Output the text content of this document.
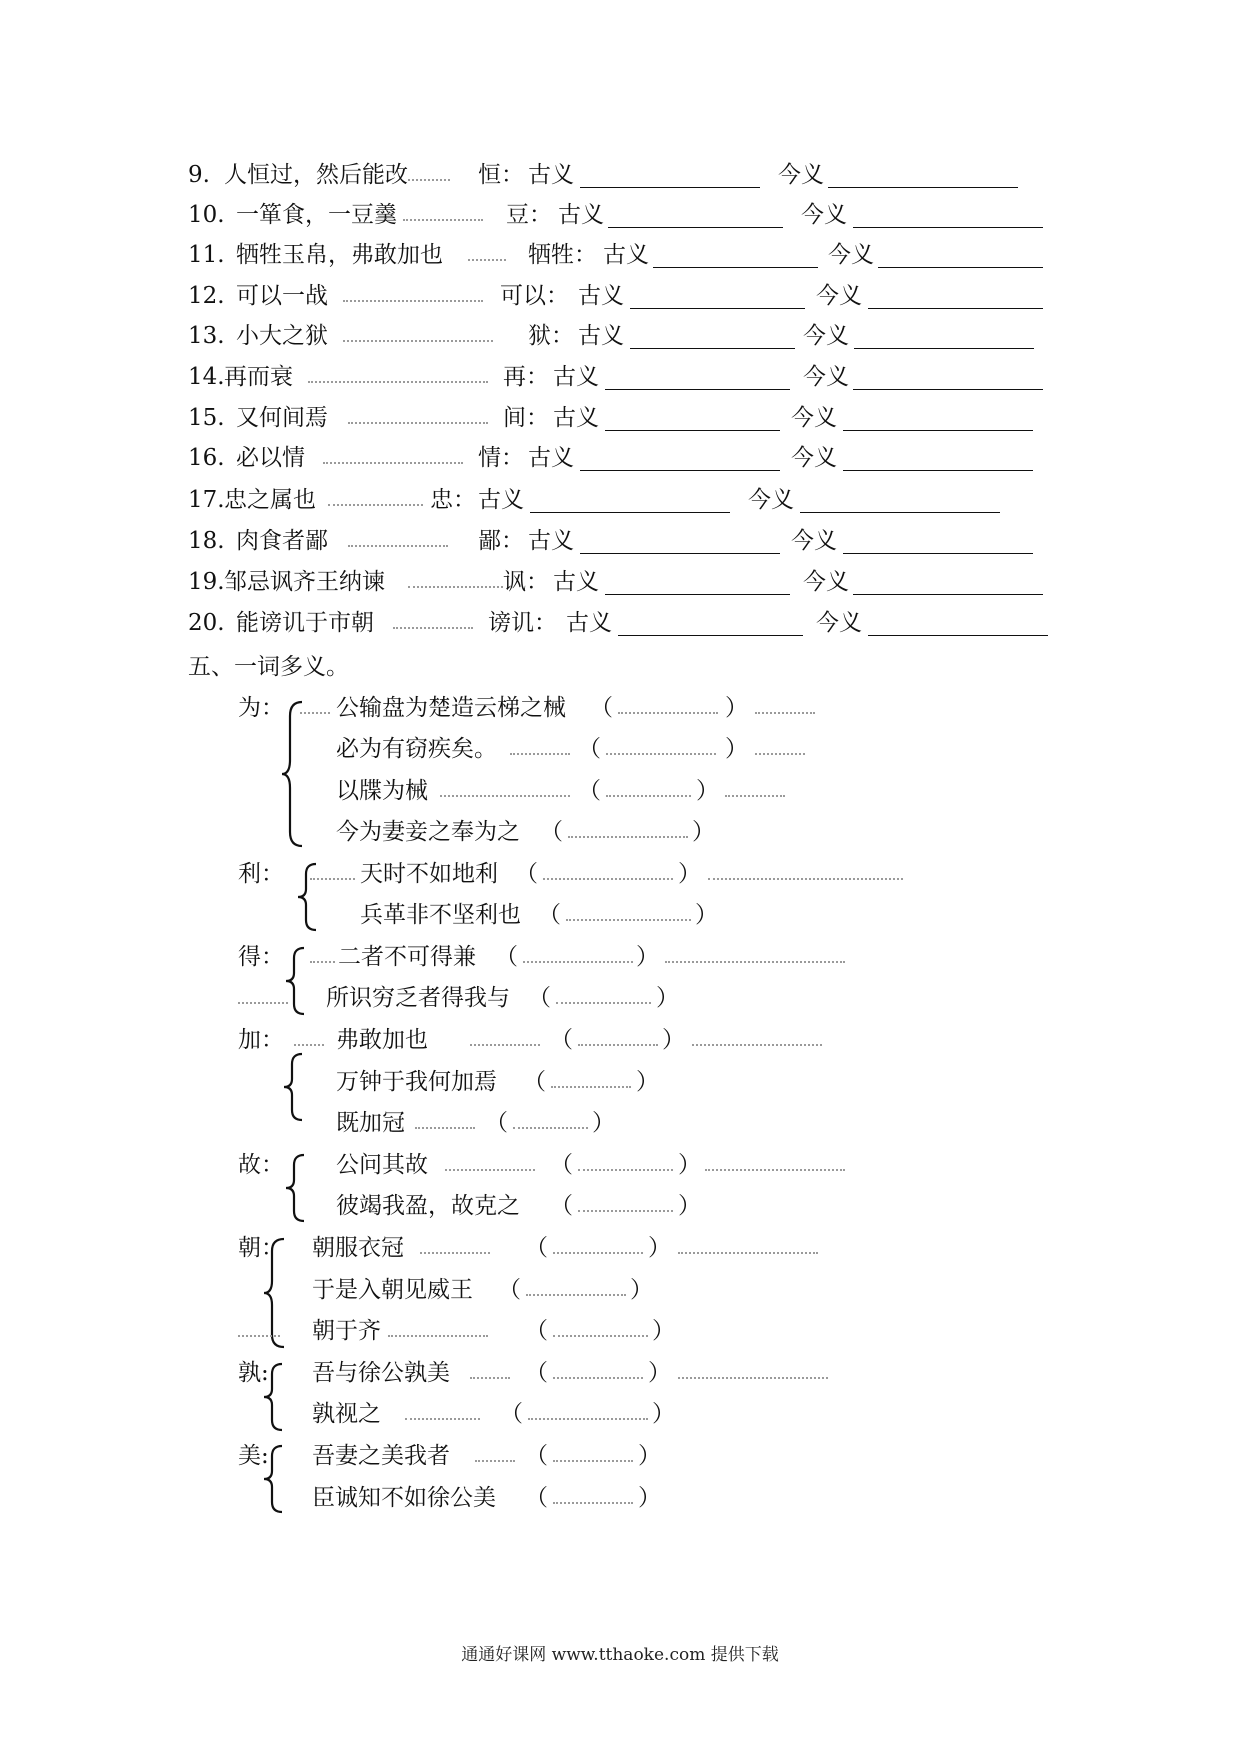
9. 人恒过，然后能改	恒： 古义	今义
10. 一箪食，一豆羹	豆： 古义	今义
11. 牺牲玉帛，弗敢加也	牺牲： 古义	今义
12. 可以一战	可以： 古义	今义
13. 小大之狱	狱： 古义	今义
14. 再而衰	再： 古义	今义
15. 又何间焉	间： 古义	今义
16. 必以情	情： 古义	今义
17. 忠之属也	忠： 古义	今义
18. 肉食者鄙	鄙： 古义	今义
19. 邹忌讽齐王纳谏	讽： 古义	今义
20. 能谤讥于市朝	谤讥： 古义	今义
五、一词多义。
为： 公输盘为楚造云梯之械 （	）
必为有窃疾矣。	（	）
以牒为械	（	）
今为妻妾之奉为之 （	）
利：	天时不如地利 （	）
兵革非不坚利也 （	）
得： 二者不可得兼 （	）
所识穷乏者得我与 （	）
加： 弗敢加也	（	）
万钟于我何加焉 （	）
既加冠	（	）
故： 公问其故	（	）
彼竭我盈，故克之 （	）
朝： 朝服衣冠	（	）
于是入朝见威王 （	）
朝于齐	（	）
孰: 吾与徐公孰美	（	）
孰视之	（	）
美: 吾妻之美我者	（	）
臣诚知不如徐公美 （	）
通通好课网 www.tthaoke.com 提供下载
